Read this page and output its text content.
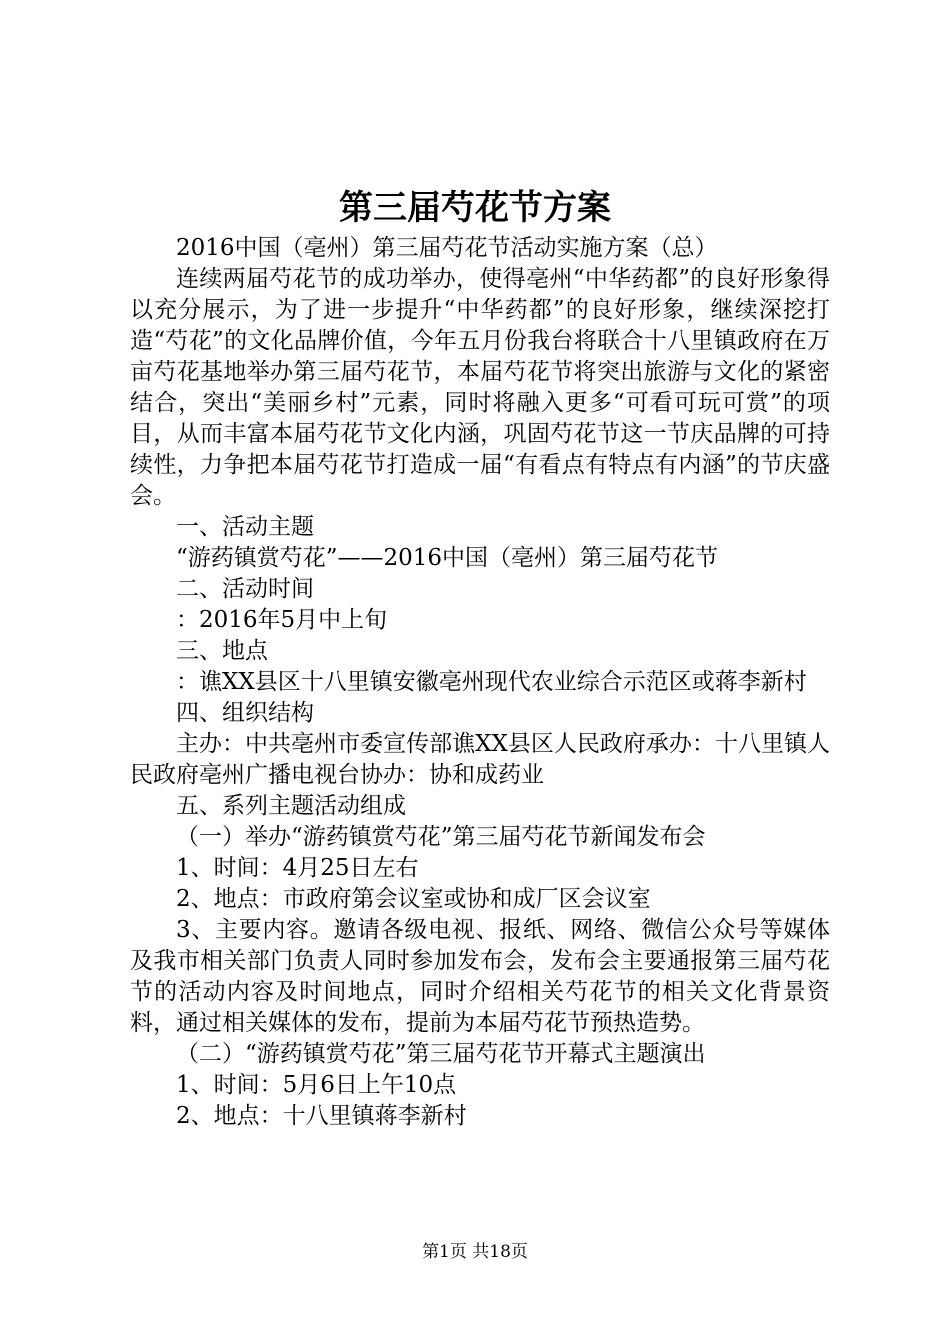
第三届芍花节方案

2016中国（亳州）第三届芍花节活动实施方案（总）

连续两届芍花节的成功举办，使得亳州“中华药都”的良好形象得以充分展示，为了进一步提升“中华药都”的良好形象，继续深挖打造“芍花”的文化品牌价值，今年五月份我台将联合十八里镇政府在万亩芍花基地举办第三届芍花节，本届芍花节将突出旅游与文化的紧密结合，突出“美丽乡村”元素，同时将融入更多“可看可玩可赏”的项目，从而丰富本届芍花节文化内涵，巩固芍花节这一节庆品牌的可持续性，力争把本届芍花节打造成一届“有看点有特点有内涵”的节庆盛会。

一、活动主题

“游药镇赏芍花”——2016中国（亳州）第三届芍花节

二、活动时间

：2016年5月中上旬

三、地点

：谯XX县区十八里镇安徽亳州现代农业综合示范区或蒋李新村

四、组织结构

主办：中共亳州市委宣传部谯XX县区人民政府承办：十八里镇人民政府亳州广播电视台协办：协和成药业

五、系列主题活动组成

（一）举办“游药镇赏芍花”第三届芍花节新闻发布会

1、时间：4月25日左右

2、地点：市政府第会议室或协和成厂区会议室

3、主要内容。邀请各级电视、报纸、网络、微信公众号等媒体及我市相关部门负责人同时参加发布会，发布会主要通报第三届芍花节的活动内容及时间地点，同时介绍相关芍花节的相关文化背景资料，通过相关媒体的发布，提前为本届芍花节预热造势。

（二）“游药镇赏芍花”第三届芍花节开幕式主题演出

1、时间：5月6日上午10点

2、地点：十八里镇蒋李新村

第1页 共18页
